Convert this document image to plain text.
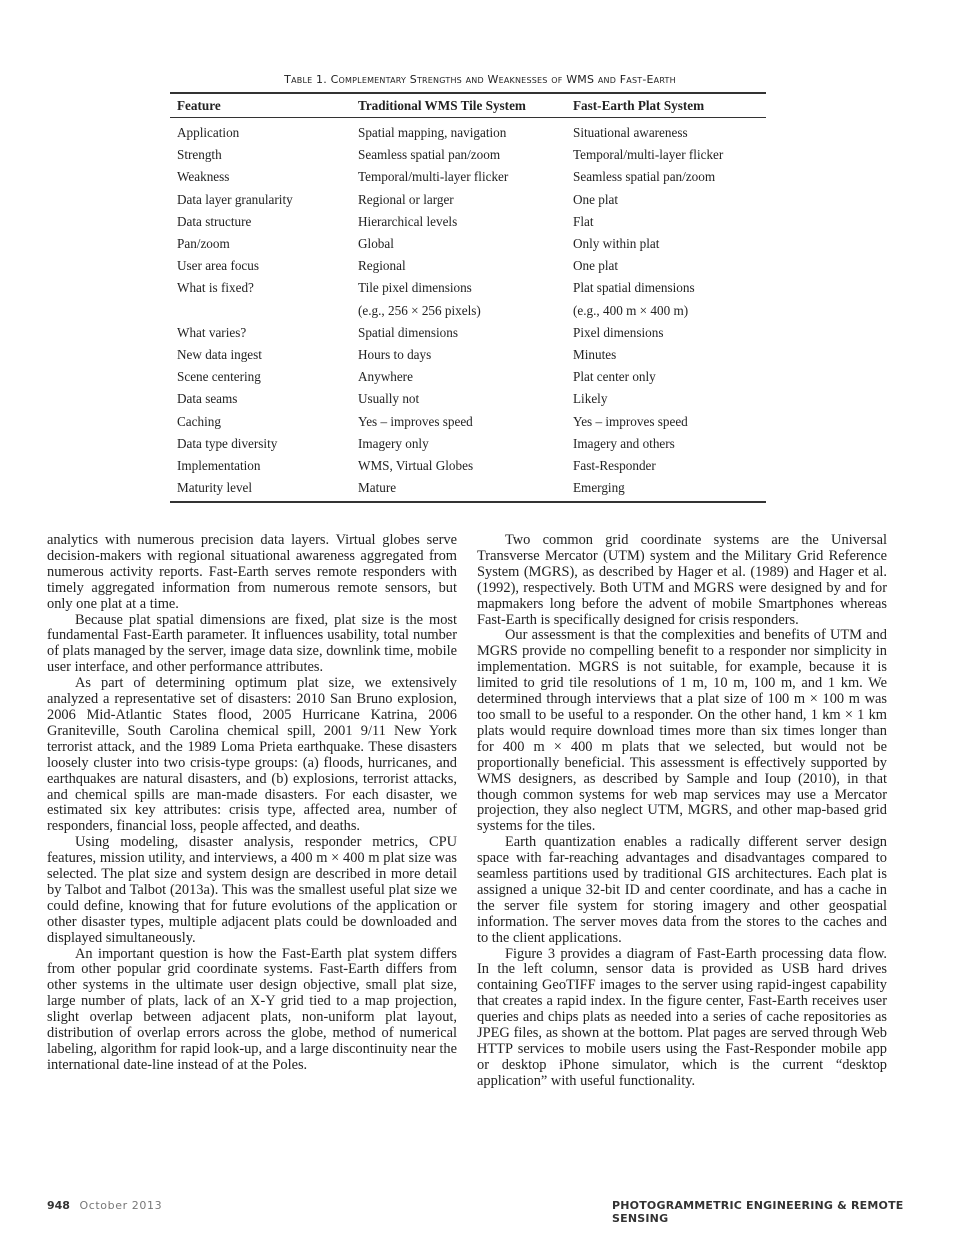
Table 1. Complementary Strengths and Weaknesses of WMS and Fast-Earth
Feature	Traditional WMS Tile System	Fast-Earth Plat System
Application	Spatial mapping, navigation	Situational awareness
Strength	Seamless spatial pan/zoom	Temporal/multi-layer flicker
Weakness	Temporal/multi-layer flicker	Seamless spatial pan/zoom
Data layer granularity	Regional or larger	One plat
Data structure	Hierarchical levels	Flat
Pan/zoom	Global	Only within plat
User area focus	Regional	One plat
What is fixed?	Tile pixel dimensions	Plat spatial dimensions
	(e.g., 256 × 256 pixels)	(e.g., 400 m × 400 m)
What varies?	Spatial dimensions	Pixel dimensions
New data ingest	Hours to days	Minutes
Scene centering	Anywhere	Plat center only
Data seams	Usually not	Likely
Caching	Yes – improves speed	Yes – improves speed
Data type diversity	Imagery only	Imagery and others
Implementation	WMS, Virtual Globes	Fast-Responder
Maturity level	Mature	Emerging

analytics with numerous precision data layers. Virtual globes serve decision-makers with regional situational awareness aggregated from numerous activity reports. Fast-Earth serves remote responders with timely aggregated information from numerous remote sensors, but only one plat at a time.

Because plat spatial dimensions are fixed, plat size is the most fundamental Fast-Earth parameter. It influences usability, total number of plats managed by the server, image data size, downlink time, mobile user interface, and other performance attributes.

As part of determining optimum plat size, we extensively analyzed a representative set of disasters: 2010 San Bruno explosion, 2006 Mid-Atlantic States flood, 2005 Hurricane Katrina, 2006 Graniteville, South Carolina chemical spill, 2001 9/11 New York terrorist attack, and the 1989 Loma Prieta earthquake. These disasters loosely cluster into two crisis-type groups: (a) floods, hurricanes, and earthquakes are natural disasters, and (b) explosions, terrorist attacks, and chemical spills are man-made disasters. For each disaster, we estimated six key attributes: crisis type, affected area, number of responders, financial loss, people affected, and deaths.

Using modeling, disaster analysis, responder metrics, CPU features, mission utility, and interviews, a 400 m × 400 m plat size was selected. The plat size and system design are described in more detail by Talbot and Talbot (2013a). This was the smallest useful plat size we could define, knowing that for future evolutions of the application or other disaster types, multiple adjacent plats could be downloaded and displayed simultaneously.

An important question is how the Fast-Earth plat system differs from other popular grid coordinate systems. Fast-Earth differs from other systems in the ultimate user design objective, small plat size, large number of plats, lack of an X-Y grid tied to a map projection, slight overlap between adjacent plats, non-uniform plat layout, distribution of overlap errors across the globe, method of numerical labeling, algorithm for rapid look-up, and a large discontinuity near the international date-line instead of at the Poles.

Two common grid coordinate systems are the Universal Transverse Mercator (UTM) system and the Military Grid Reference System (MGRS), as described by Hager et al. (1989) and Hager et al. (1992), respectively. Both UTM and MGRS were designed by and for mapmakers long before the advent of mobile Smartphones whereas Fast-Earth is specifically designed for crisis responders.

Our assessment is that the complexities and benefits of UTM and MGRS provide no compelling benefit to a responder nor simplicity in implementation. MGRS is not suitable, for example, because it is limited to grid tile resolutions of 1 m, 10 m, 100 m, and 1 km. We determined through interviews that a plat size of 100 m × 100 m was too small to be useful to a responder. On the other hand, 1 km × 1 km plats would require download times more than six times longer than for 400 m × 400 m plats that we selected, but would not be proportionally beneficial. This assessment is effectively supported by WMS designers, as described by Sample and Ioup (2010), in that though common systems for web map services may use a Mercator projection, they also neglect UTM, MGRS, and other map-based grid systems for the tiles.

Earth quantization enables a radically different server design space with far-reaching advantages and disadvantages compared to seamless partitions used by traditional GIS architectures. Each plat is assigned a unique 32-bit ID and center coordinate, and has a cache in the server file system for storing imagery and other geospatial information. The server moves data from the stores to the caches and to the client applications.

Figure 3 provides a diagram of Fast-Earth processing data flow. In the left column, sensor data is provided as USB hard drives containing GeoTIFF images to the server using rapid-ingest capability that creates a rapid index. In the figure center, Fast-Earth receives user queries and chips plats as needed into a series of cache repositories as JPEG files, as shown at the bottom. Plat pages are served through Web HTTP services to mobile users using the Fast-Responder mobile app or desktop iPhone simulator, which is the current “desktop application” with useful functionality.

948 October 2013	PHOTOGRAMMETRIC ENGINEERING & REMOTE SENSING
